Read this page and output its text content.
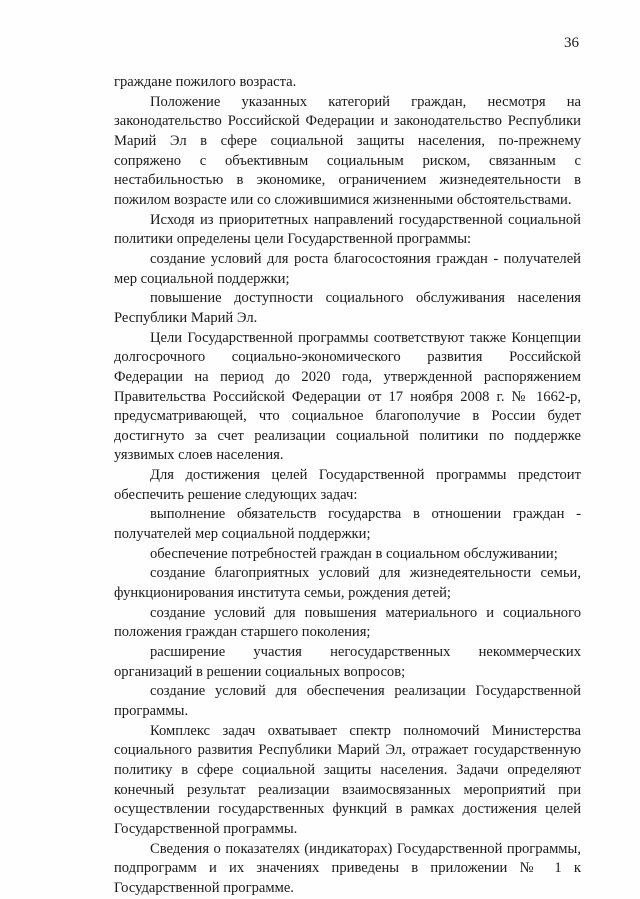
36

граждане пожилого возраста.

Положение указанных категорий граждан, несмотря на законодательство Российской Федерации и законодательство Республики Марий Эл в сфере социальной защиты населения, по-прежнему сопряжено с объективным социальным риском, связанным с нестабильностью в экономике, ограничением жизнедеятельности в пожилом возрасте или со сложившимися жизненными обстоятельствами.

Исходя из приоритетных направлений государственной социальной политики определены цели Государственной программы:

создание условий для роста благосостояния граждан - получателей мер социальной поддержки;

повышение доступности социального обслуживания населения Республики Марий Эл.

Цели Государственной программы соответствуют также Концепции долгосрочного социально-экономического развития Российской Федерации на период до 2020 года, утвержденной распоряжением Правительства Российской Федерации от 17 ноября 2008 г. № 1662-р, предусматривающей, что социальное благополучие в России будет достигнуто за счет реализации социальной политики по поддержке уязвимых слоев населения.

Для достижения целей Государственной программы предстоит обеспечить решение следующих задач:

выполнение обязательств государства в отношении граждан - получателей мер социальной поддержки;

обеспечение потребностей граждан в социальном обслуживании;

создание благоприятных условий для жизнедеятельности семьи, функционирования института семьи, рождения детей;

создание условий для повышения материального и социального положения граждан старшего поколения;

расширение участия негосударственных некоммерческих организаций в решении социальных вопросов;

создание условий для обеспечения реализации Государственной программы.

Комплекс задач охватывает спектр полномочий Министерства социального развития Республики Марий Эл, отражает государственную политику в сфере социальной защиты населения. Задачи определяют конечный результат реализации взаимосвязанных мероприятий при осуществлении государственных функций в рамках достижения целей Государственной программы.

Сведения о показателях (индикаторах) Государственной программы, подпрограмм и их значениях приведены в приложении № 1 к Государственной программе.
